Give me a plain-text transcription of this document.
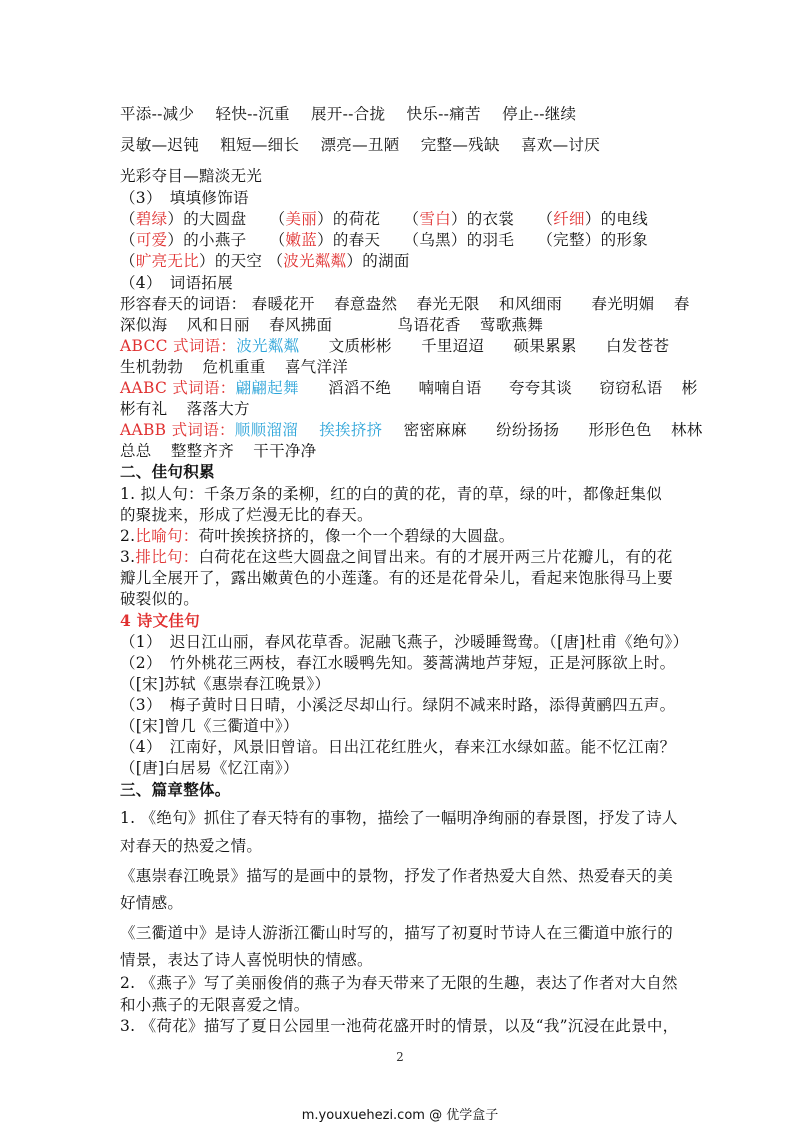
平添--减少 轻快--沉重 展开--合拢 快乐--痛苦 停止--继续
灵敏—迟钝 粗短—细长 漂亮—丑陋 完整—残缺 喜欢—讨厌
光彩夺目—黯淡无光
（3）　填填修饰语
（碧绿）的大圆盘 （美丽）的荷花 （雪白）的衣裳 （纤细）的电线
（可爱）的小燕子 （嫩蓝）的春天 （乌黑）的羽毛 （完整）的形象
（旷亮无比）的天空 （波光粼粼）的湖面
（4）　词语拓展
形容春天的词语： 春暖花开 春意盎然 春光无限 和风细雨 春光明媚 春
深似海 风和日丽 春风拂面	鸟语花香 莺歌燕舞
ABCC 式词语：波光粼粼 文质彬彬 千里迢迢 硕果累累 白发苍苍
生机勃勃 危机重重 喜气洋洋
AABC 式词语：翩翩起舞 滔滔不绝 喃喃自语 夸夸其谈 窃窃私语 彬
彬有礼 落落大方
AABB 式词语：顺顺溜溜 挨挨挤挤 密密麻麻 纷纷扬扬 形形色色 林林
总总 整整齐齐 干干净净
二、佳句积累
1. 拟人句：千条万条的柔柳，红的白的黄的花，青的草，绿的叶，都像赶集似
的聚拢来，形成了烂漫无比的春天。
2.比喻句：荷叶挨挨挤挤的，像一个一个碧绿的大圆盘。
3.排比句：白荷花在这些大圆盘之间冒出来。有的才展开两三片花瓣儿，有的花
瓣儿全展开了，露出嫩黄色的小莲蓬。有的还是花骨朵儿，看起来饱胀得马上要
破裂似的。
4 诗文佳句
（1）　迟日江山丽，春风花草香。泥融飞燕子，沙暖睡鸳鸯。（[唐]杜甫《绝句》）
（2）　竹外桃花三两枝，春江水暖鸭先知。蒌蒿满地芦芽短，正是河豚欲上时。
（[宋]苏轼《惠崇春江晚景》）
（3）　梅子黄时日日晴，小溪泛尽却山行。绿阴不减来时路，添得黄鹂四五声。
（[宋]曾几《三衢道中》）
（4）　江南好，风景旧曾谙。日出江花红胜火，春来江水绿如蓝。能不忆江南？
（[唐]白居易《忆江南》）
三、篇章整体。
1. 《绝句》抓住了春天特有的事物，描绘了一幅明净绚丽的春景图，抒发了诗人
对春天的热爱之情。
《惠崇春江晚景》描写的是画中的景物，抒发了作者热爱大自然、热爱春天的美
好情感。
《三衢道中》是诗人游浙江衢山时写的，描写了初夏时节诗人在三衢道中旅行的
情景，表达了诗人喜悦明快的情感。
2. 《燕子》写了美丽俊俏的燕子为春天带来了无限的生趣，表达了作者对大自然
和小燕子的无限喜爱之情。
3. 《荷花》描写了夏日公园里一池荷花盛开时的情景，以及“我”沉浸在此景中，
2
m.youxuehezi.com @ 优学盒子
